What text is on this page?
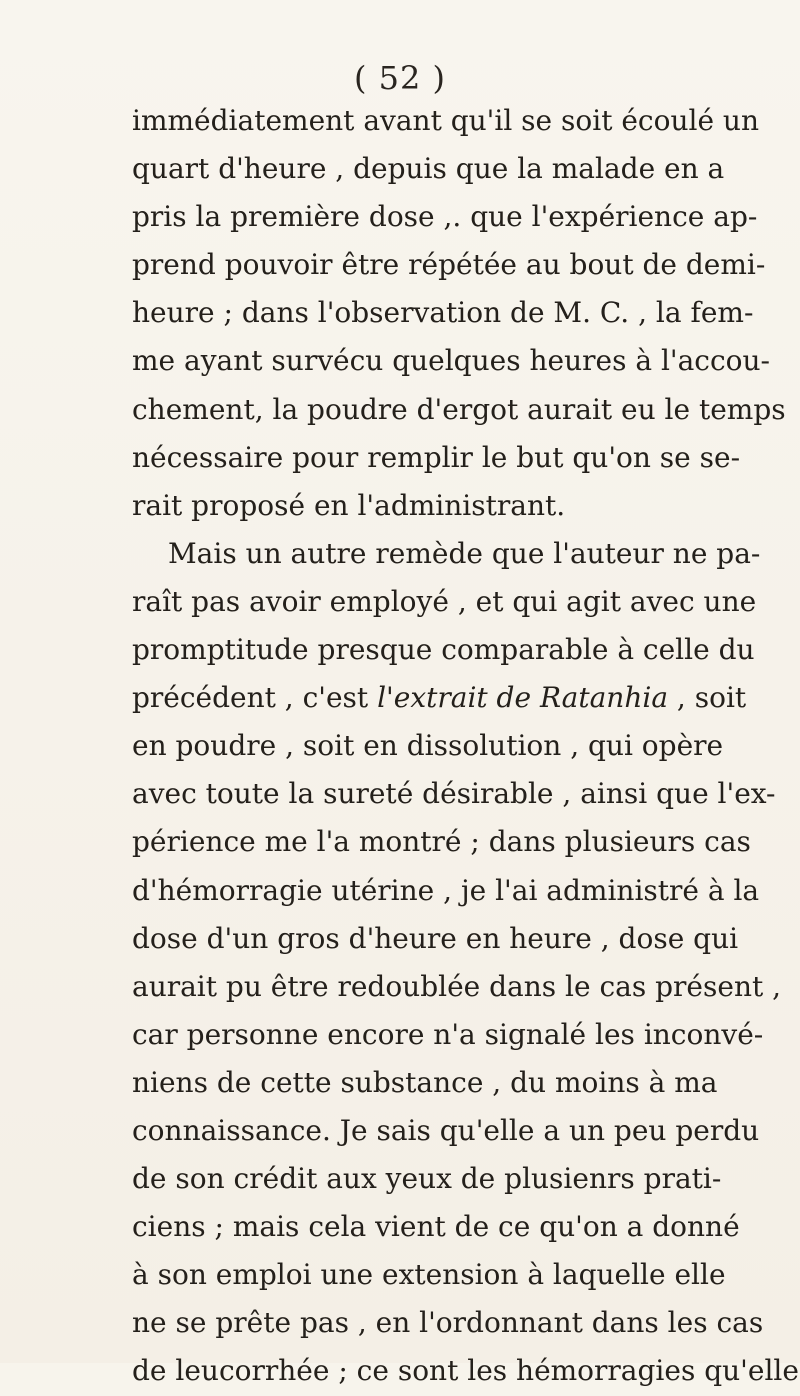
( 52 )
immédiatement avant qu'il se soit écoulé un
quart d'heure , depuis que la malade en a
pris la première dose ,. que l'expérience ap-
prend pouvoir être répétée au bout de demi-
heure ; dans l'observation de M. C. , la fem-
me ayant survécu quelques heures à l'accou-
chement, la poudre d'ergot aurait eu le temps
nécessaire pour remplir le but qu'on se se-
rait proposé en l'administrant.
Mais un autre remède que l'auteur ne pa-
raît pas avoir employé , et qui agit avec une
promptitude presque comparable à celle du
précédent , c'est l'extrait de Ratanhia , soit
en poudre , soit en dissolution , qui opère
avec toute la sureté désirable , ainsi que l'ex-
périence me l'a montré ; dans plusieurs cas
d'hémorragie utérine , je l'ai administré à la
dose d'un gros d'heure en heure , dose qui
aurait pu être redoublée dans le cas présent ,
car personne encore n'a signalé les inconvé-
niens de cette substance , du moins à ma
connaissance. Je sais qu'elle a un peu perdu
de son crédit aux yeux de plusienrs prati-
ciens ; mais cela vient de ce qu'on a donné
à son emploi une extension à laquelle elle
ne se prête pas , en l'ordonnant dans les cas
de leucorrhée ; ce sont les hémorragies qu'elle
